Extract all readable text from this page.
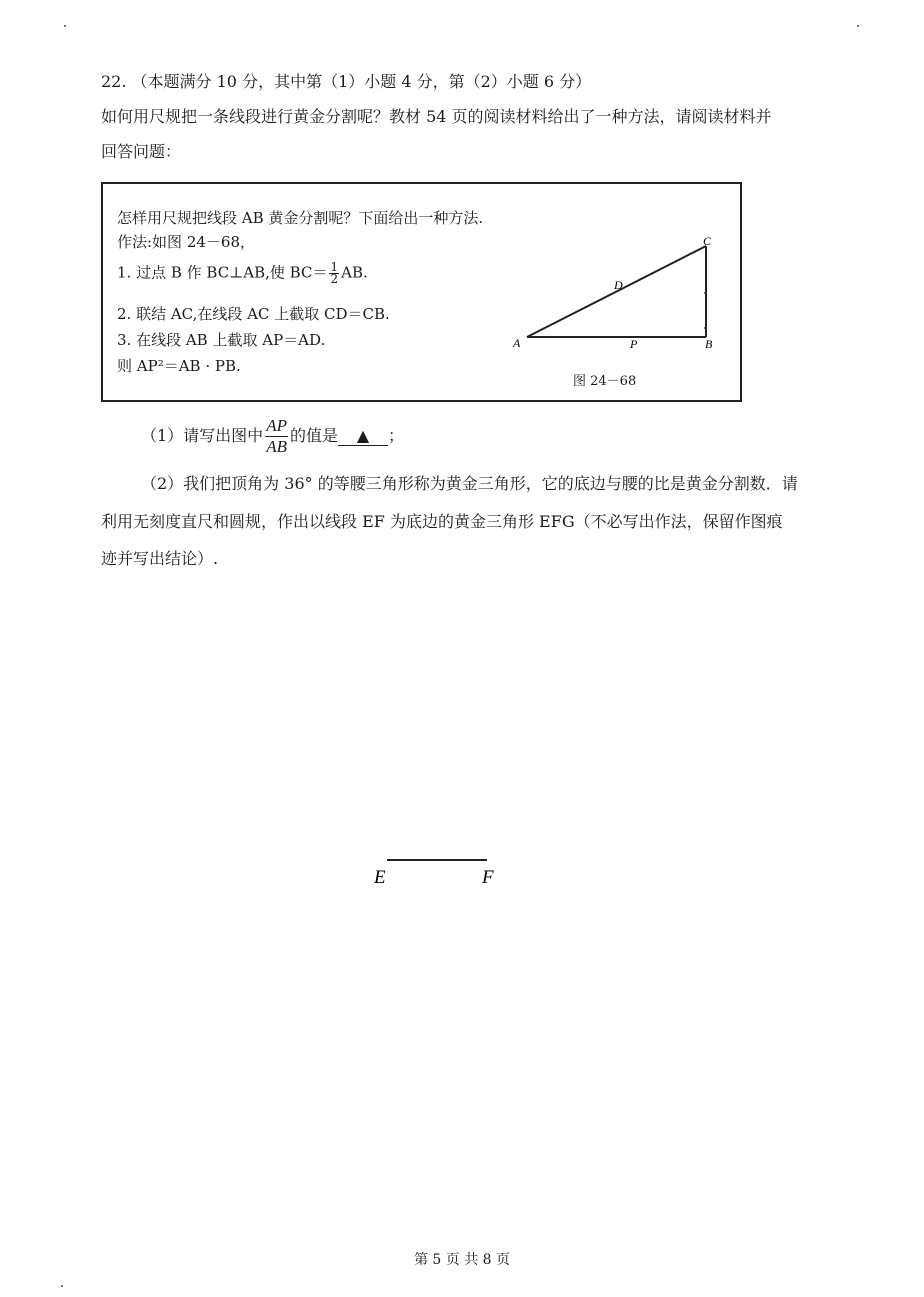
22. （本题满分 10 分，其中第（1）小题 4 分，第（2）小题 6 分）
如何用尺规把一条线段进行黄金分割呢？教材 54 页的阅读材料给出了一种方法，请阅读材料并
回答问题：
怎样用尺规把线段 AB 黄金分割呢？下面给出一种方法.
作法:如图 24－68，
1. 过点 B 作 BC⊥AB,使 $BC= \frac{1}{2}$ AB.
2. 联结 AC,在线段 AC 上截取 CD＝CB.
3. 在线段 AB 上截取 AP＝AD.
则 AP²＝AB · PB.
A	P	B
C
D
图 24－68
（1）请写出图中 $\frac{AP}{AB}$ 的值是 ▲ ；
（2）我们把顶角为 36° 的等腰三角形称为黄金三角形，它的底边与腰的比是黄金分割数．请
利用无刻度直尺和圆规，作出以线段 EF 为底边的黄金三角形 EFG（不必写出作法，保留作图痕
迹并写出结论）.
E	F
第 5 页 共 8 页
